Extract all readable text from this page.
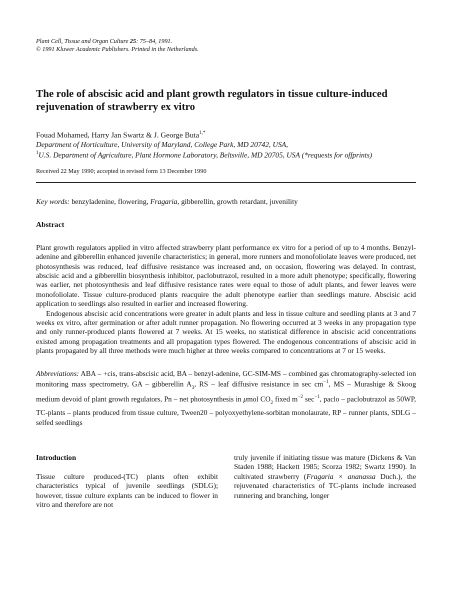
Plant Cell, Tissue and Organ Culture 25: 75–84, 1991.

© 1991 Kluwer Academic Publishers. Printed in the Netherlands.

The role of abscisic acid and plant growth regulators in tissue culture-induced rejuvenation of strawberry ex vitro

Fouad Mohamed, Harry Jan Swartz & J. George Buta$^{1,*}$

Department of Horticulture, University of Maryland, College Park, MD 20742, USA,

$^1$U.S. Department of Agriculture, Plant Hormone Laboratory, Beltsville, MD 20705, USA (*requests for offprints)

Received 22 May 1990; accepted in revised form 13 December 1990

Key words: benzyladenine, flowering, Fragaria, gibberellin, growth retardant, juvenility

Abstract

Plant growth regulators applied in vitro affected strawberry plant performance ex vitro for a period of up to 4 months. Benzyl-adenine and gibberellin enhanced juvenile characteristics; in general, more runners and monofoliolate leaves were produced, net photosynthesis was reduced, leaf diffusive resistance was increased and, on occasion, flowering was delayed. In contrast, abscisic acid and a gibberellin biosynthesis inhibitor, paclobutrazol, resulted in a more adult phenotype; specifically, flowering was earlier, net photosynthesis and leaf diffusive resistance rates were equal to those of adult plants, and fewer leaves were monofoliolate. Tissue culture-produced plants reacquire the adult phenotype earlier than seedlings mature. Abscisic acid application to seedlings also resulted in earlier and increased flowering.

Endogenous abscisic acid concentrations were greater in adult plants and less in tissue culture and seedling plants at 3 and 7 weeks ex vitro, after germination or after adult runner propagation. No flowering occurred at 3 weeks in any propagation type and only runner-produced plants flowered at 7 weeks. At 15 weeks, no statistical difference in abscisic acid concentrations existed among propagation treatments and all propagation types flowered. The endogenous concentrations of abscisic acid in plants propagated by all three methods were much higher at three weeks compared to concentrations at 7 or 15 weeks.

Abbreviations: ABA – +cis, trans-abscisic acid, BA – benzyl-adenine, GC-SIM-MS – combined gas chromatography-selected ion monitoring mass spectrometry, GA – gibberellin $A_3$, RS – leaf diffusive resistance in $\sec cm^{-1}$, MS – Murashige & Skoog medium devoid of plant growth regulators, Pn – net photosynthesis in μmol $CO_2$ fixed $m^{-2}$ $\sec^{-1}$, paclo – paclobutrazol as 50WP, TC-plants – plants produced from tissue culture, Tween20 – polyoxyethylene-sorbitan monolaurate, RP – runner plants, SDLG – selfed seedlings

Introduction

Tissue culture produced-(TC) plants often exhibit characteristics typical of juvenile seedlings (SDLG); however, tissue culture explants can be induced to flower in vitro and therefore are not

truly juvenile if initiating tissue was mature (Dickens & Van Staden 1988; Hackett 1985; Scorza 1982; Swartz 1990). In cultivated strawberry (Fragaria × ananassa Duch.), the rejuvenated characteristics of TC-plants include increased runnering and branching, longer
